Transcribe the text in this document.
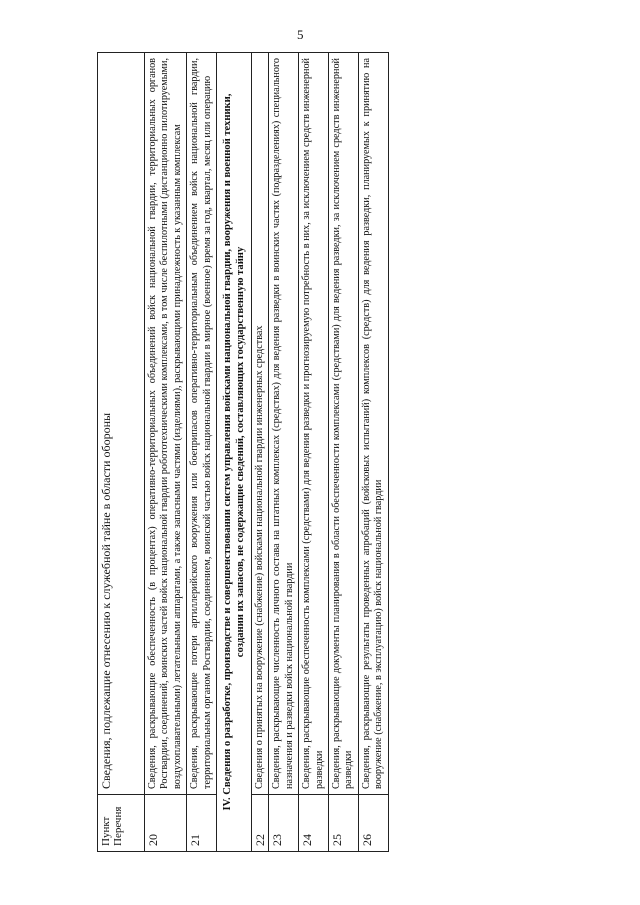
5
Пункт
Перечня	Сведения, подлежащие отнесению к служебной тайне в области обороны
20	Сведения, раскрывающие обеспеченность (в процентах) оперативно-территориальных объединений войск национальной гвардии, территориальных органов Росгвардии, соединений, воинских частей войск национальной гвардии робототехническими комплексами, в том числе беспилотными (дистанционно пилотируемыми, воздухоплавательными) летательными аппаратами, а также запасными частями (изделиями), раскрывающими принадлежность к указанным комплексам
21	Сведения, раскрывающие потери артиллерийского вооружения или боеприпасов оперативно-территориальным объединением войск национальной гвардии, территориальным органом Росгвардии, соединением, воинской частью войск национальной гвардии в мирное (военное) время за год, квартал, месяц или операцию
IV. Сведения о разработке, производстве и совершенствовании систем управления войсками национальной гвардии, вооружения и военной техники, создании их запасов, не содержащие сведений, составляющих государственную тайну	
22	Сведения о принятых на вооружение (снабжение) войсками национальной гвардии инженерных средствах
23	Сведения, раскрывающие численность личного состава на штатных комплексах (средствах) для ведения разведки в воинских частях (подразделениях) специального назначения и разведки войск национальной гвардии
24	Сведения, раскрывающие обеспеченность комплексами (средствами) для ведения разведки и прогнозируемую потребность в них, за исключением средств инженерной разведки
25	Сведения, раскрывающие документы планирования в области обеспеченности комплексами (средствами) для ведения разведки, за исключением средств инженерной разведки
26	Сведения, раскрывающие результаты проведенных апробаций (войсковых испытаний) комплексов (средств) для ведения разведки, планируемых к принятию на вооружение (снабжение, в эксплуатацию) войск национальной гвардии
